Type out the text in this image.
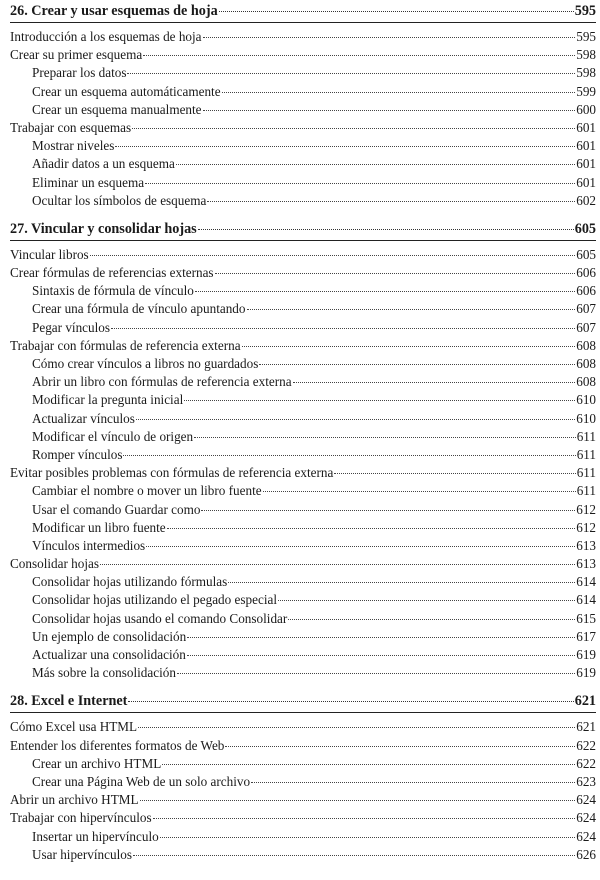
26. Crear y usar esquemas de hoja	595
Introducción a los esquemas de hoja	595
Crear su primer esquema	598
Preparar los datos	598
Crear un esquema automáticamente	599
Crear un esquema manualmente	600
Trabajar con esquemas	601
Mostrar niveles	601
Añadir datos a un esquema	601
Eliminar un esquema	601
Ocultar los símbolos de esquema	602
27. Vincular y consolidar hojas	605
Vincular libros	605
Crear fórmulas de referencias externas	606
Sintaxis de fórmula de vínculo	606
Crear una fórmula de vínculo apuntando	607
Pegar vínculos	607
Trabajar con fórmulas de referencia externa	608
Cómo crear vínculos a libros no guardados	608
Abrir un libro con fórmulas de referencia externa	608
Modificar la pregunta inicial	610
Actualizar vínculos	610
Modificar el vínculo de origen	611
Romper vínculos	611
Evitar posibles problemas con fórmulas de referencia externa	611
Cambiar el nombre o mover un libro fuente	611
Usar el comando Guardar como	612
Modificar un libro fuente	612
Vínculos intermedios	613
Consolidar hojas	613
Consolidar hojas utilizando fórmulas	614
Consolidar hojas utilizando el pegado especial	614
Consolidar hojas usando el comando Consolidar	615
Un ejemplo de consolidación	617
Actualizar una consolidación	619
Más sobre la consolidación	619
28. Excel e Internet	621
Cómo Excel usa HTML	621
Entender los diferentes formatos de Web	622
Crear un archivo HTML	622
Crear una Página Web de un solo archivo	623
Abrir un archivo HTML	624
Trabajar con hipervínculos	624
Insertar un hipervínculo	624
Usar hipervínculos	626
